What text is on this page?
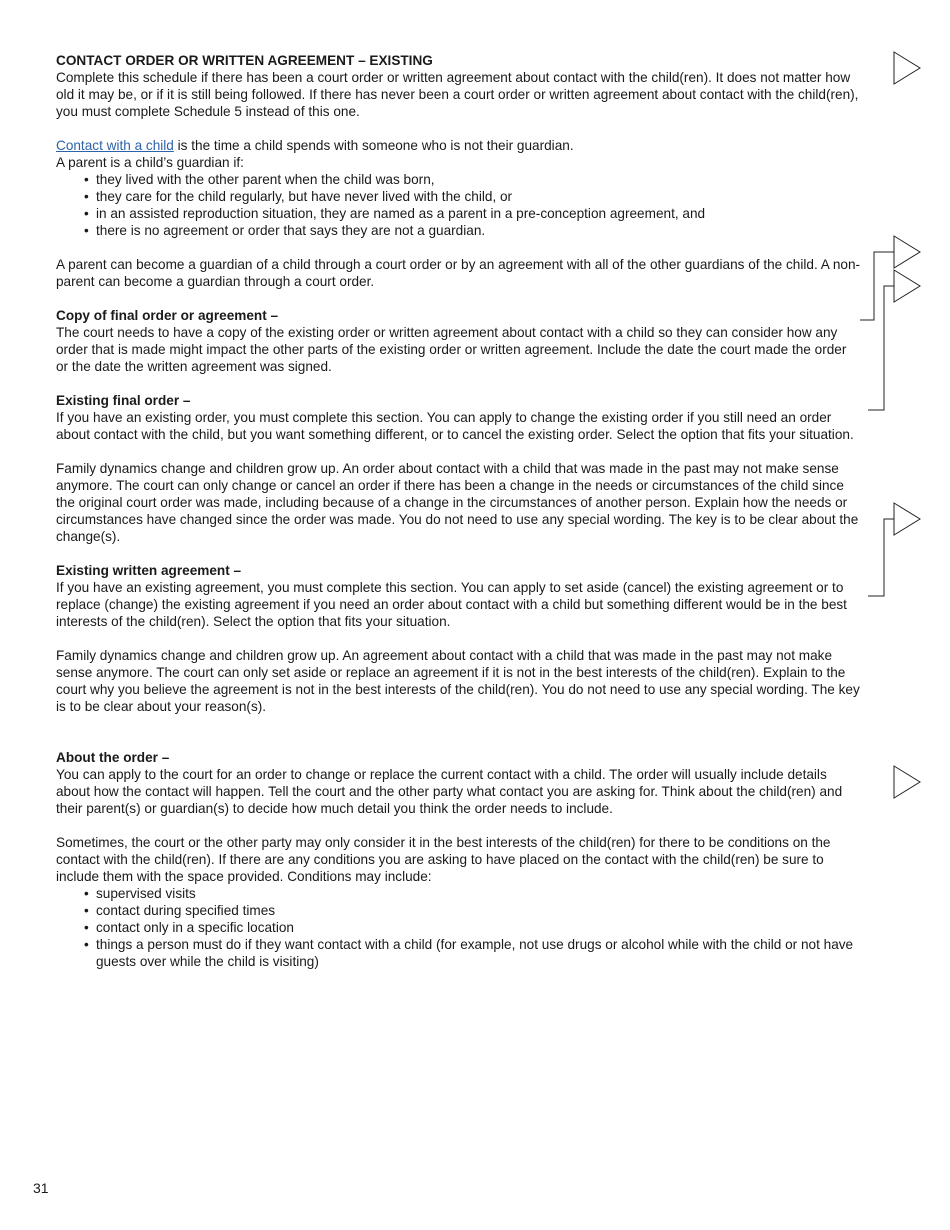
CONTACT ORDER OR WRITTEN AGREEMENT – EXISTING

Complete this schedule if there has been a court order or written agreement about contact with the child(ren). It does not matter how old it may be, or if it is still being followed. If there has never been a court order or written agreement about contact with the child(ren), you must complete Schedule 5 instead of this one.

Contact with a child is the time a child spends with someone who is not their guardian.

A parent is a child’s guardian if:

• they lived with the other parent when the child was born,
• they care for the child regularly, but have never lived with the child, or
• in an assisted reproduction situation, they are named as a parent in a pre-conception agreement, and
• there is no agreement or order that says they are not a guardian.

A parent can become a guardian of a child through a court order or by an agreement with all of the other guardians of the child. A non-parent can become a guardian through a court order.

Copy of final order or agreement –

The court needs to have a copy of the existing order or written agreement about contact with a child so they can consider how any order that is made might impact the other parts of the existing order or written agreement. Include the date the court made the order or the date the written agreement was signed.

Existing final order –

If you have an existing order, you must complete this section. You can apply to change the existing order if you still need an order about contact with the child, but you want something different, or to cancel the existing order. Select the option that fits your situation.

Family dynamics change and children grow up. An order about contact with a child that was made in the past may not make sense anymore. The court can only change or cancel an order if there has been a change in the needs or circumstances of the child since the original court order was made, including because of a change in the circumstances of another person. Explain how the needs or circumstances have changed since the order was made. You do not need to use any special wording. The key is to be clear about the change(s).

Existing written agreement –

If you have an existing agreement, you must complete this section. You can apply to set aside (cancel) the existing agreement or to replace (change) the existing agreement if you need an order about contact with a child but something different would be in the best interests of the child(ren). Select the option that fits your situation.

Family dynamics change and children grow up. An agreement about contact with a child that was made in the past may not make sense anymore. The court can only set aside or replace an agreement if it is not in the best interests of the child(ren). Explain to the court why you believe the agreement is not in the best interests of the child(ren). You do not need to use any special wording. The key is to be clear about your reason(s).

About the order –

You can apply to the court for an order to change or replace the current contact with a child. The order will usually include details about how the contact will happen. Tell the court and the other party what contact you are asking for. Think about the child(ren) and their parent(s) or guardian(s) to decide how much detail you think the order needs to include.

Sometimes, the court or the other party may only consider it in the best interests of the child(ren) for there to be conditions on the contact with the child(ren). If there are any conditions you are asking to have placed on the contact with the child(ren) be sure to include them with the space provided. Conditions may include:

• supervised visits
• contact during specified times
• contact only in a specific location
• things a person must do if they want contact with a child (for example, not use drugs or alcohol while with the child or not have guests over while the child is visiting)
31
